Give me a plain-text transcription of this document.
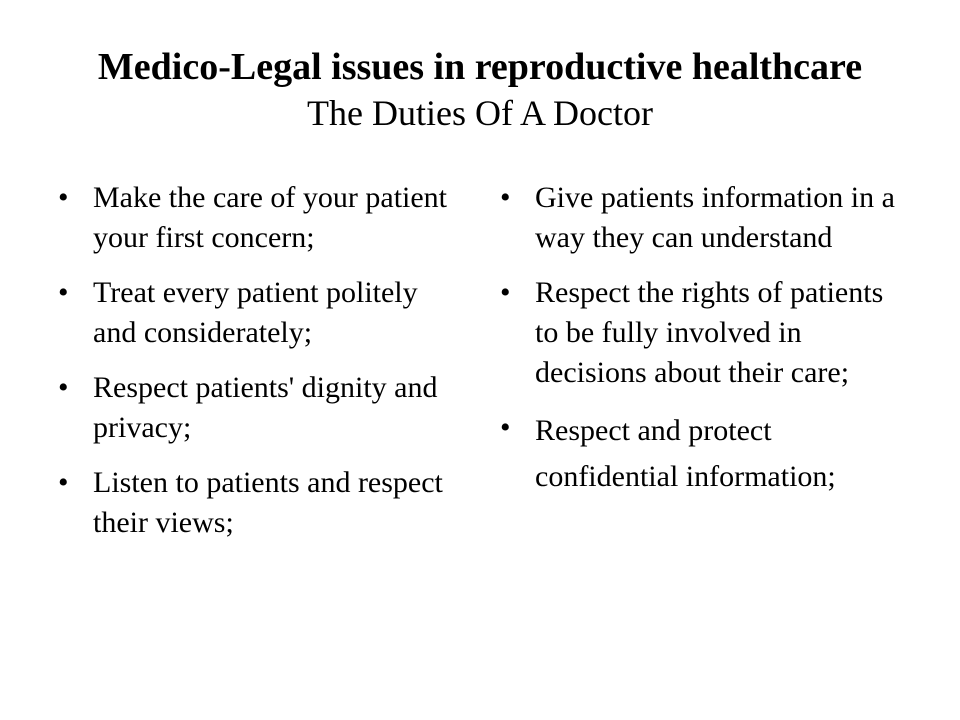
Medico-Legal issues in reproductive healthcare

The Duties Of A Doctor

• Make the care of your patient your first concern;
• Treat every patient politely and considerately;
• Respect patients' dignity and privacy;
• Listen to patients and respect their views;
• Give patients information in a way they can understand
• Respect the rights of patients to be fully involved in decisions about their care;
• Respect and protect confidential information;
